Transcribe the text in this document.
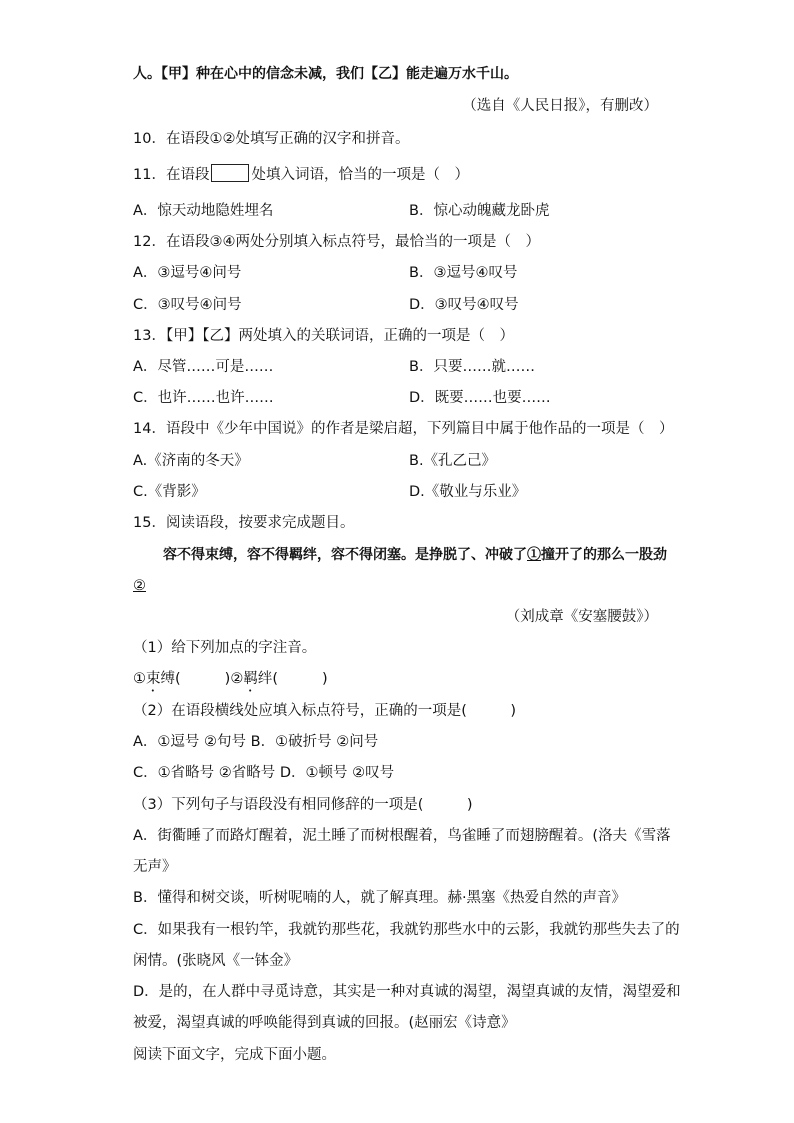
人。【甲】种在心中的信念未减，我们【乙】能走遍万水千山。
（选自《人民日报》，有删改）
10．在语段①②处填写正确的汉字和拼音。
11．在语段	处填入词语，恰当的一项是（　）
A．惊天动地隐姓埋名	B．惊心动魄藏龙卧虎
12．在语段③④两处分别填入标点符号，最恰当的一项是（　）
A．③逗号④问号	B．③逗号④叹号
C．③叹号④问号	D．③叹号④叹号
13．【甲】【乙】两处填入的关联词语，正确的一项是（　）
A．尽管……可是……	B．只要……就……
C．也许……也许……	D．既要……也要……
14．语段中《少年中国说》的作者是梁启超，下列篇目中属于他作品的一项是（　）
A.《济南的冬天》	B.《孔乙己》
C.《背影》	D.《敬业与乐业》
15．阅读语段，按要求完成题目。
容不得束缚，容不得羁绊，容不得闭塞。是挣脱了、冲破了①撞开了的那么一股劲
②
（刘成章《安塞腰鼓》）
（1）给下列加点的字注音。
①束缚(	)②羁绊(	)
（2）在语段横线处应填入标点符号，正确的一项是(　　　)
A．①逗号 ②句号 B．①破折号 ②问号
C．①省略号 ②省略号 D．①顿号 ②叹号
（3）下列句子与语段没有相同修辞的一项是(　　　)
A．街衢睡了而路灯醒着，泥土睡了而树根醒着，鸟雀睡了而翅膀醒着。(洛夫《雪落
无声》
B．懂得和树交谈，听树呢喃的人，就了解真理。赫·黑塞《热爱自然的声音》
C．如果我有一根钓竿，我就钓那些花，我就钓那些水中的云影，我就钓那些失去了的
闲情。(张晓风《一钵金》
D．是的，在人群中寻觅诗意，其实是一种对真诚的渴望，渴望真诚的友情，渴望爱和
被爱，渴望真诚的呼唤能得到真诚的回报。(赵丽宏《诗意》
阅读下面文字，完成下面小题。
